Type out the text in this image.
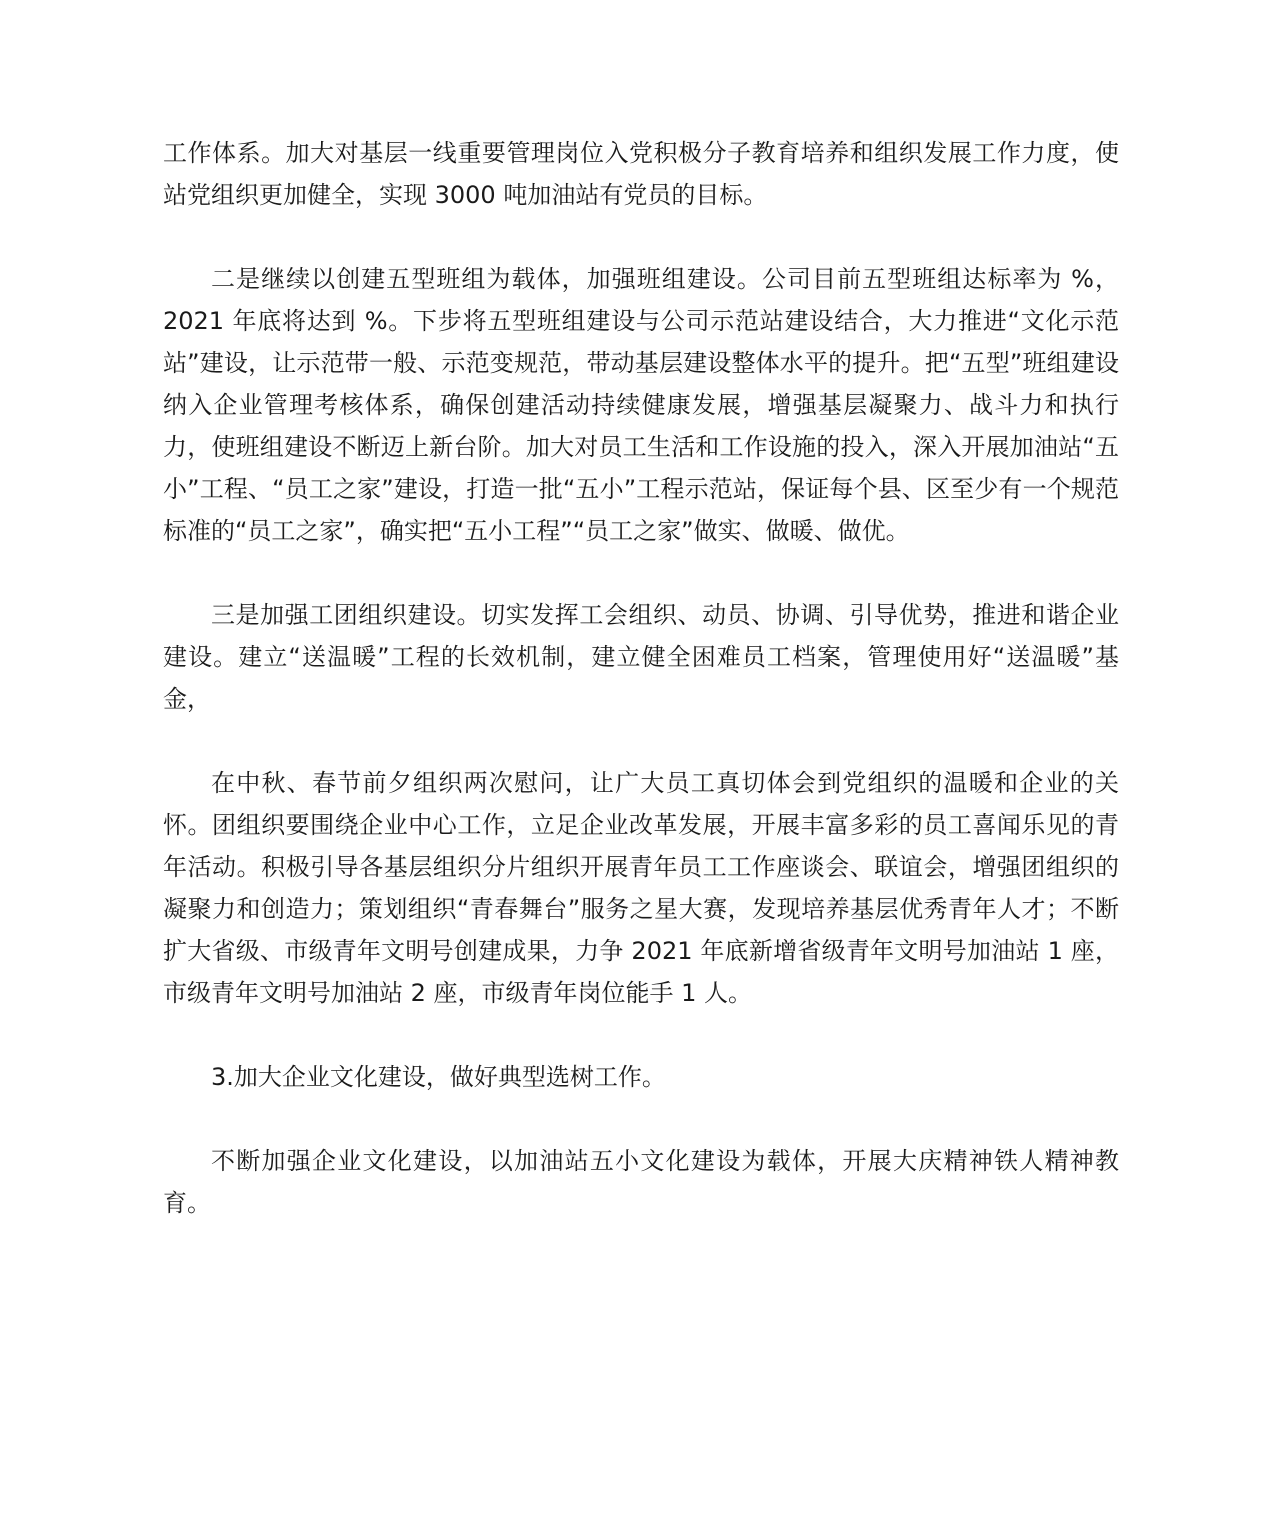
工作体系。加大对基层一线重要管理岗位入党积极分子教育培养和组织发展工作力度，使站党组织更加健全，实现 3000 吨加油站有党员的目标。

二是继续以创建五型班组为载体，加强班组建设。公司目前五型班组达标率为 %，2021 年底将达到 %。下步将五型班组建设与公司示范站建设结合，大力推进“文化示范站”建设，让示范带一般、示范变规范，带动基层建设整体水平的提升。把“五型”班组建设纳入企业管理考核体系，确保创建活动持续健康发展，增强基层凝聚力、战斗力和执行力，使班组建设不断迈上新台阶。加大对员工生活和工作设施的投入，深入开展加油站“五小”工程、“员工之家”建设，打造一批“五小”工程示范站，保证每个县、区至少有一个规范标准的“员工之家”，确实把“五小工程”“员工之家”做实、做暖、做优。

三是加强工团组织建设。切实发挥工会组织、动员、协调、引导优势，推进和谐企业建设。建立“送温暖”工程的长效机制，建立健全困难员工档案，管理使用好“送温暖”基金，

在中秋、春节前夕组织两次慰问，让广大员工真切体会到党组织的温暖和企业的关怀。团组织要围绕企业中心工作，立足企业改革发展，开展丰富多彩的员工喜闻乐见的青年活动。积极引导各基层组织分片组织开展青年员工工作座谈会、联谊会，增强团组织的凝聚力和创造力；策划组织“青春舞台”服务之星大赛，发现培养基层优秀青年人才；不断扩大省级、市级青年文明号创建成果，力争 2021 年底新增省级青年文明号加油站 1 座，市级青年文明号加油站 2 座，市级青年岗位能手 1 人。

3.加大企业文化建设，做好典型选树工作。

不断加强企业文化建设，以加油站五小文化建设为载体，开展大庆精神铁人精神教育。
